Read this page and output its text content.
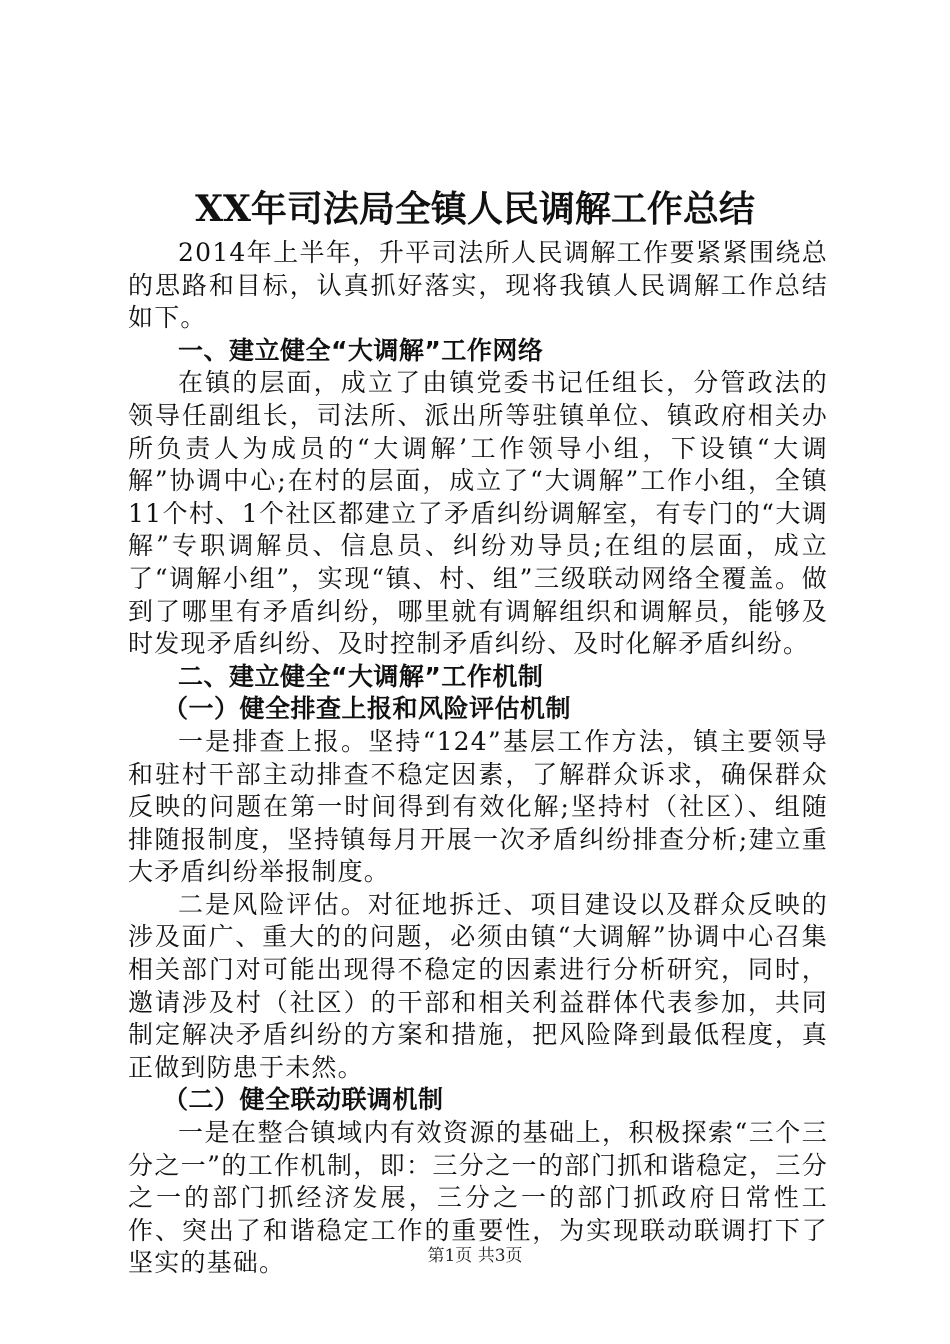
XX年司法局全镇人民调解工作总结

2014年上半年，升平司法所人民调解工作要紧紧围绕总的思路和目标，认真抓好落实，现将我镇人民调解工作总结如下。

一、建立健全“大调解”工作网络

在镇的层面，成立了由镇党委书记任组长，分管政法的领导任副组长，司法所、派出所等驻镇单位、镇政府相关办所负责人为成员的“大调解’工作领导小组，下设镇“大调解”协调中心;在村的层面，成立了“大调解”工作小组，全镇11个村、1个社区都建立了矛盾纠纷调解室，有专门的“大调解”专职调解员、信息员、纠纷劝导员;在组的层面，成立了“调解小组”，实现“镇、村、组”三级联动网络全覆盖。做到了哪里有矛盾纠纷，哪里就有调解组织和调解员，能够及时发现矛盾纠纷、及时控制矛盾纠纷、及时化解矛盾纠纷。

二、建立健全“大调解”工作机制

（一）健全排查上报和风险评估机制

一是排查上报。坚持“124”基层工作方法，镇主要领导和驻村干部主动排查不稳定因素，了解群众诉求，确保群众反映的问题在第一时间得到有效化解;坚持村（社区）、组随排随报制度，坚持镇每月开展一次矛盾纠纷排查分析;建立重大矛盾纠纷举报制度。

二是风险评估。对征地拆迁、项目建设以及群众反映的涉及面广、重大的的问题，必须由镇“大调解”协调中心召集相关部门对可能出现得不稳定的因素进行分析研究，同时，邀请涉及村（社区）的干部和相关利益群体代表参加，共同制定解决矛盾纠纷的方案和措施，把风险降到最低程度，真正做到防患于未然。

（二）健全联动联调机制

一是在整合镇域内有效资源的基础上，积极探索“三个三分之一”的工作机制，即：三分之一的部门抓和谐稳定，三分之一的部门抓经济发展，三分之一的部门抓政府日常性工作、突出了和谐稳定工作的重要性，为实现联动联调打下了坚实的基础。	第1页 共3页
